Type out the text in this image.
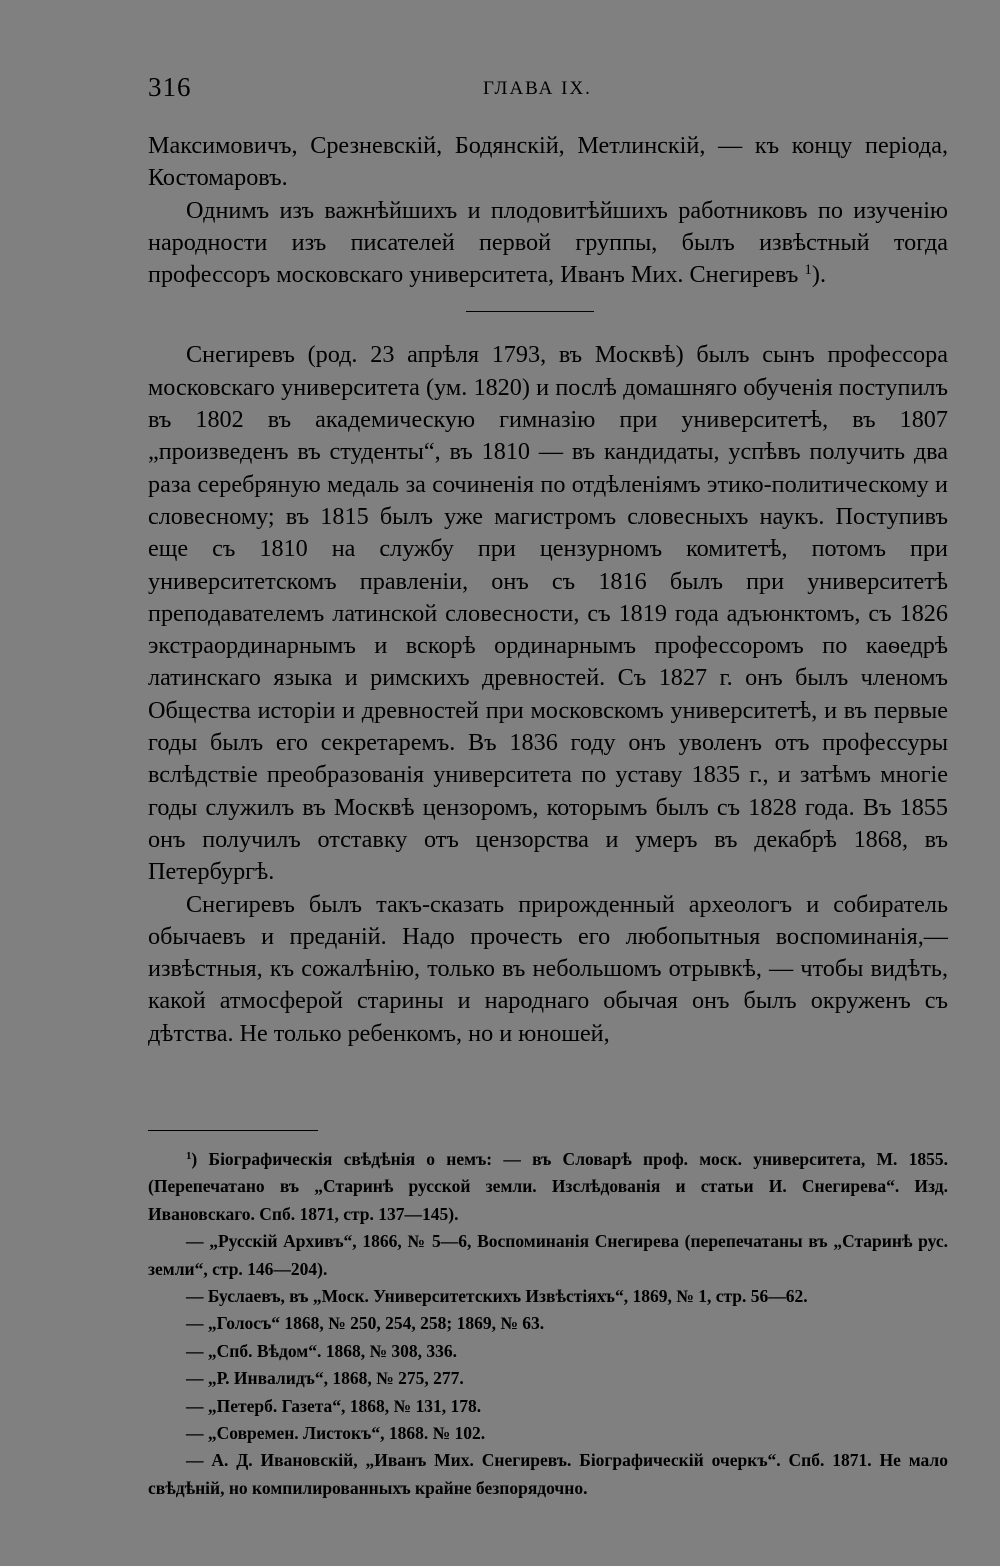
316	ГЛАВА IX.

Максимовичъ, Срезневскій, Бодянскій, Метлинскій, — къ концу періода, Костомаровъ.

Однимъ изъ важнѣйшихъ и плодовитѣйшихъ работниковъ по изученію народности изъ писателей первой группы, былъ извѣстный тогда профессоръ московскаго университета, Иванъ Мих. Снегиревъ $^1$).

Снегиревъ (род. 23 апрѣля 1793, въ Москвѣ) былъ сынъ профессора московскаго университета (ум. 1820) и послѣ домашняго обученія поступилъ въ 1802 въ академическую гимназію при университетѣ, въ 1807 „произведенъ въ студенты“, въ 1810 — въ кандидаты, успѣвъ получить два раза серебряную медаль за сочиненія по отдѣленіямъ этико-политическому и словесному; въ 1815 былъ уже магистромъ словесныхъ наукъ. Поступивъ еще съ 1810 на службу при цензурномъ комитетѣ, потомъ при университетскомъ правленіи, онъ съ 1816 былъ при университетѣ преподавателемъ латинской словесности, съ 1819 года адъюнктомъ, съ 1826 экстраординарнымъ и вскорѣ ординарнымъ профессоромъ по каѳедрѣ латинскаго языка и римскихъ древностей. Съ 1827 г. онъ былъ членомъ Общества исторіи и древностей при московскомъ университетѣ, и въ первые годы былъ его секретаремъ. Въ 1836 году онъ уволенъ отъ профессуры вслѣдствіе преобразованія университета по уставу 1835 г., и затѣмъ многіе годы служилъ въ Москвѣ цензоромъ, которымъ былъ съ 1828 года. Въ 1855 онъ получилъ отставку отъ цензорства и умеръ въ декабрѣ 1868, въ Петербургѣ.

Снегиревъ былъ такъ-сказать прирожденный археологъ и собиратель обычаевъ и преданій. Надо прочесть его любопытныя воспоминанія,—извѣстныя, къ сожалѣнію, только въ небольшомъ отрывкѣ, — чтобы видѣть, какой атмосферой старины и народнаго обычая онъ былъ окруженъ съ дѣтства. Не только ребенкомъ, но и юношей,

$^1$) Біографическія свѣдѣнія о немъ: — въ Словарѣ проф. моск. университета, М. 1855. (Перепечатано въ „Старинѣ русской земли. Изслѣдованія и статьи И. Снегирева“. Изд. Ивановскаго. Спб. 1871, стр. 137—145).

— „Русскій Архивъ“, 1866, № 5—6, Воспоминанія Снегирева (перепечатаны въ „Старинѣ рус. земли“, стр. 146—204).

— Буслаевъ, въ „Моск. Университетскихъ Извѣстіяхъ“, 1869, № 1, стр. 56—62.

— „Голосъ“ 1868, № 250, 254, 258; 1869, № 63.

— „Спб. Вѣдом“. 1868, № 308, 336.

— „Р. Инвалидъ“, 1868, № 275, 277.

— „Петерб. Газета“, 1868, № 131, 178.

— „Современ. Листокъ“, 1868. № 102.

— А. Д. Ивановскій, „Иванъ Мих. Снегиревъ. Біографическій очеркъ“. Спб. 1871. Не мало свѣдѣній, но компилированныхъ крайне безпорядочно.
